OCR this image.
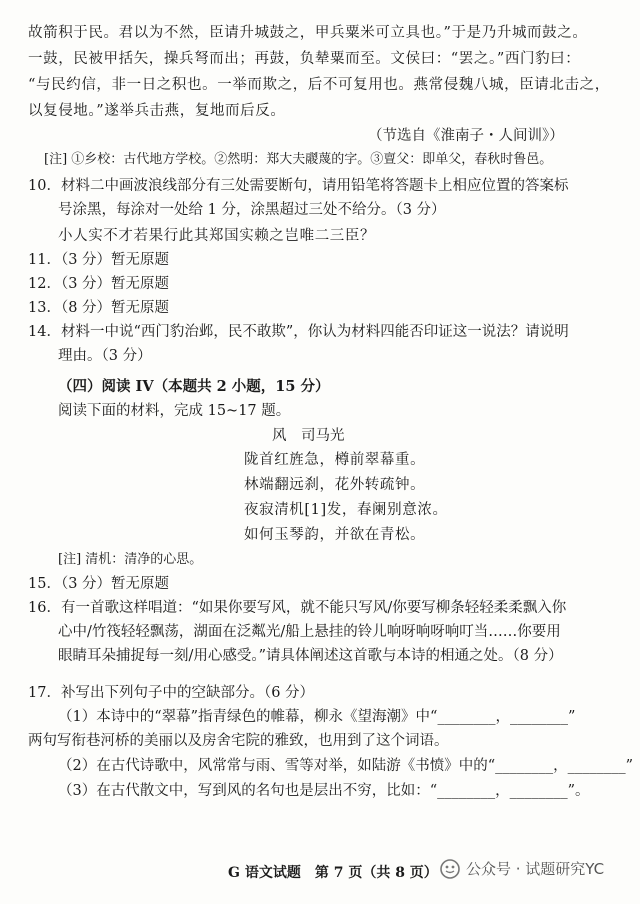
故箭积于民。君以为不然，臣请升城鼓之，甲兵粟米可立具也。”于是乃升城而鼓之。
一鼓，民被甲括矢，操兵弩而出；再鼓，负辇粟而至。文侯曰：“罢之。”西门豹曰：
“与民约信，非一日之积也。一举而欺之，后不可复用也。燕常侵魏八城，臣请北击之，
以复侵地。”遂举兵击燕，复地而后反。
（节选自《淮南子・人间训》）
[注] ①乡校：古代地方学校。②然明：郑大夫鬷蔑的字。③亶父：即单父，春秋时鲁邑。
10．材料二中画波浪线部分有三处需要断句，请用铅笔将答题卡上相应位置的答案标
号涂黑，每涂对一处给 1 分，涂黑超过三处不给分。（3 分）
小人实不才若果行此其郑国实赖之岂唯二三臣？
11．（3 分）暂无原题
12．（3 分）暂无原题
13．（8 分）暂无原题
14．材料一中说“西门豹治邺，民不敢欺”，你认为材料四能否印证这一说法？请说明
理由。（3 分）
（四）阅读 IV（本题共 2 小题，15 分）
阅读下面的材料，完成 15~17 题。
风　司马光
陇首红旌急，樽前翠幕重。
林端翻远刹，花外转疏钟。
夜寂清机[1]发，春阑别意浓。
如何玉琴韵，并欲在青松。
[注] 清机：清净的心思。
15．（3 分）暂无原题
16．有一首歌这样唱道：“如果你要写风，就不能只写风/你要写柳条轻轻柔柔飘入你
心中/竹筏轻轻飘荡，湖面在泛粼光/船上悬挂的铃儿响呀响呀响叮当……你要用
眼睛耳朵捕捉每一刻/用心感受。”请具体阐述这首歌与本诗的相通之处。（8 分）
17．补写出下列句子中的空缺部分。（6 分）
（1）本诗中的“翠幕”指青绿色的帷幕，柳永《望海潮》中“________，________”
两句写衔巷河桥的美丽以及房舍宅院的雅致，也用到了这个词语。
（2）在古代诗歌中，风常常与雨、雪等对举，如陆游《书愤》中的“________，________”
（3）在古代散文中，写到风的名句也是层出不穷，比如：“________，________”。
G 语文试题　第 7 页（共 8 页） 公众号 · 试题研究YC
